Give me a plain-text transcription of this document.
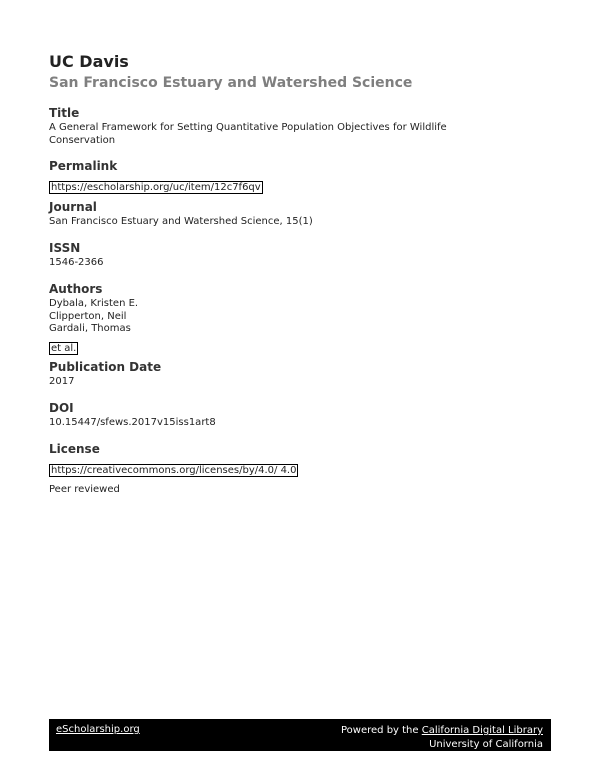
UC Davis

San Francisco Estuary and Watershed Science

Title

A General Framework for Setting Quantitative Population Objectives for Wildlife Conservation

Permalink

https://escholarship.org/uc/item/12c7f6qv

Journal

San Francisco Estuary and Watershed Science, 15(1)

ISSN

1546-2366

Authors

Dybala, Kristen E.
Clipperton, Neil
Gardali, Thomas
et al.

Publication Date

2017

DOI

10.15447/sfews.2017v15iss1art8

License

https://creativecommons.org/licenses/by/4.0/ 4.0

Peer reviewed

eScholarship.org	Powered by the California Digital Library
University of California
